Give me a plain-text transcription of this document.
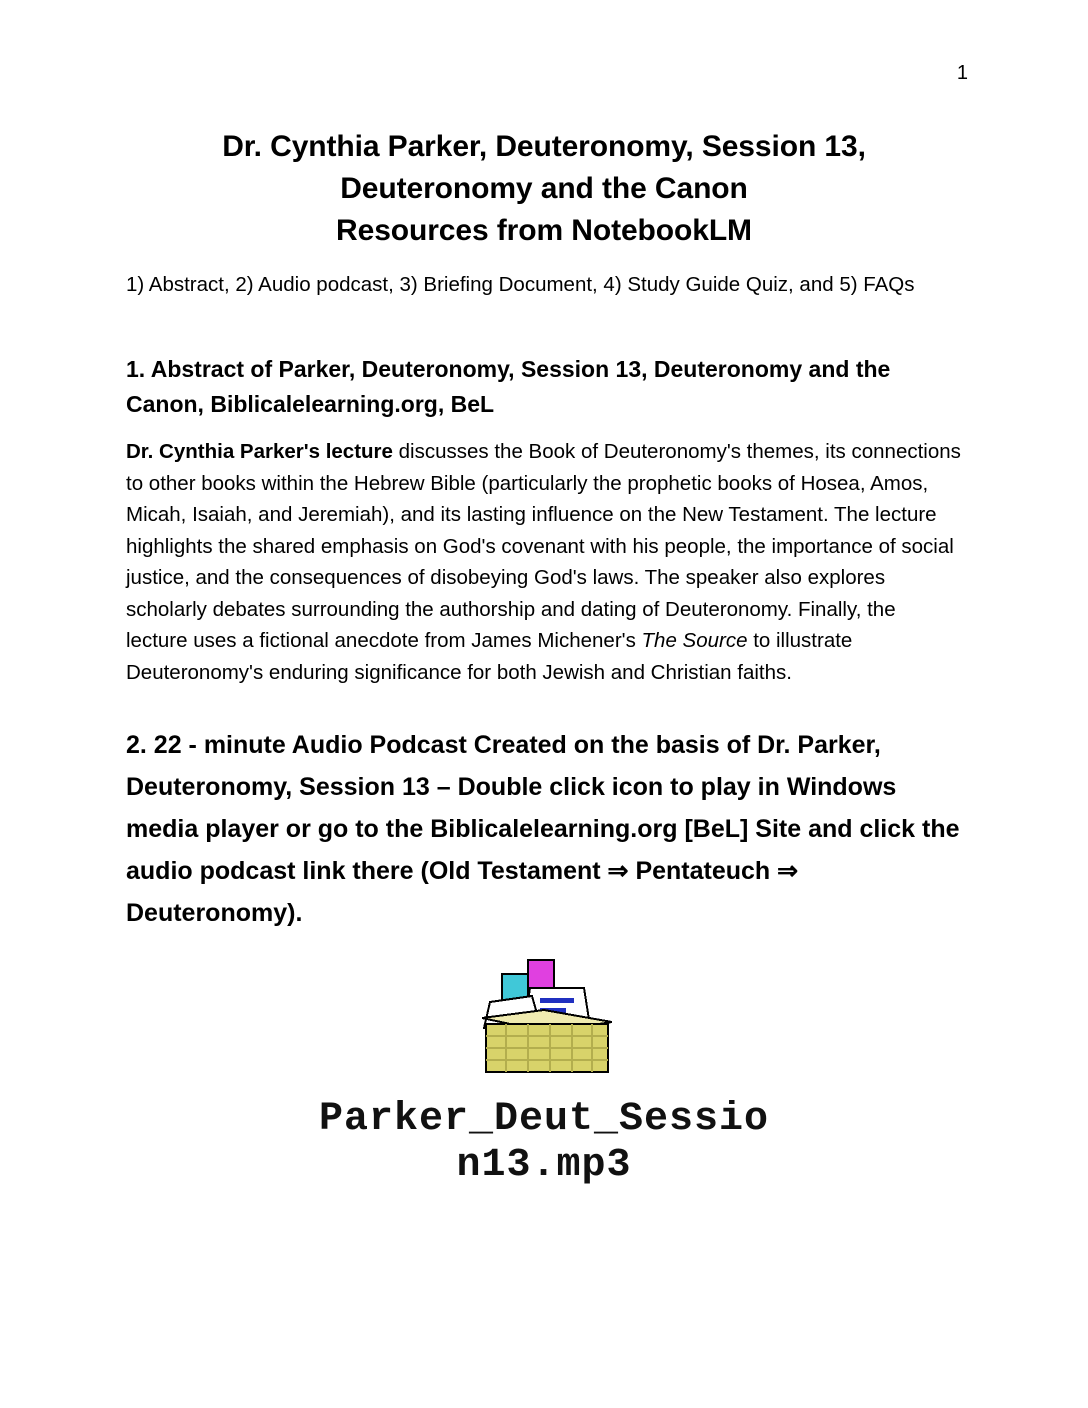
1
Dr. Cynthia Parker, Deuteronomy, Session 13,
Deuteronomy and the Canon
Resources from NotebookLM
1) Abstract, 2) Audio podcast, 3) Briefing Document, 4) Study Guide Quiz, and 5) FAQs
1. Abstract of Parker, Deuteronomy, Session 13, Deuteronomy and the Canon, Biblicalelearning.org, BeL
Dr. Cynthia Parker's lecture discusses the Book of Deuteronomy's themes, its connections to other books within the Hebrew Bible (particularly the prophetic books of Hosea, Amos, Micah, Isaiah, and Jeremiah), and its lasting influence on the New Testament. The lecture highlights the shared emphasis on God's covenant with his people, the importance of social justice, and the consequences of disobeying God's laws. The speaker also explores scholarly debates surrounding the authorship and dating of Deuteronomy. Finally, the lecture uses a fictional anecdote from James Michener's The Source to illustrate Deuteronomy's enduring significance for both Jewish and Christian faiths.
2. 22 - minute Audio Podcast Created on the basis of Dr. Parker, Deuteronomy, Session 13 – Double click icon to play in Windows media player or go to the Biblicalelearning.org [BeL] Site and click the audio podcast link there (Old Testament ⇒ Pentateuch ⇒ Deuteronomy).
Parker_Deut_Sessio
n13.mp3
